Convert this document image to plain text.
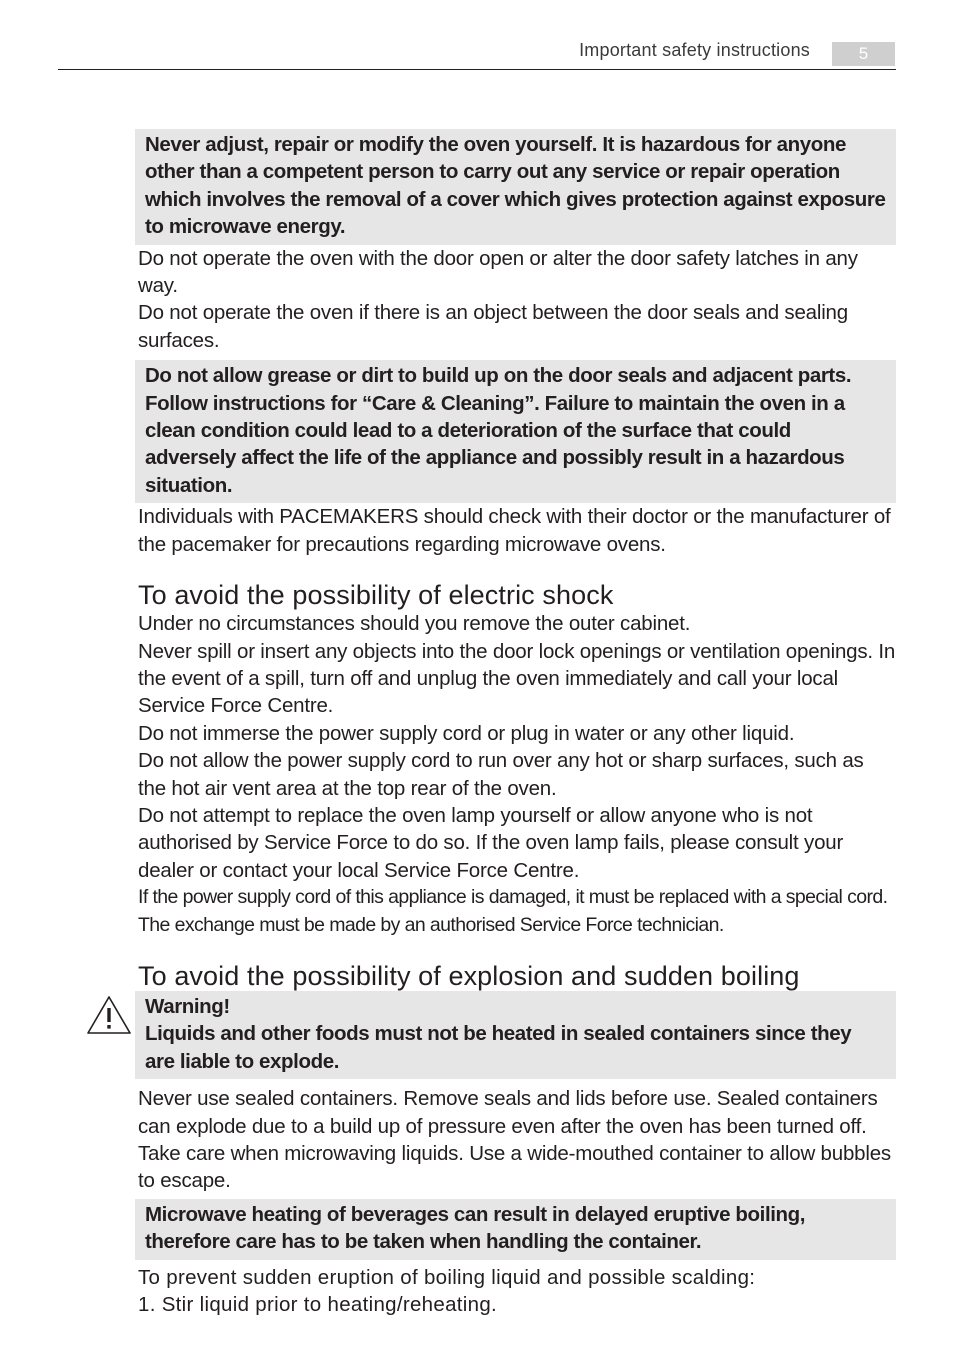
Important safety instructions	5
Never adjust, repair or modify the oven yourself. It is hazardous for anyone other than a competent person to carry out any service or repair operation which involves the removal of a cover which gives protection against exposure to microwave energy.

Do not operate the oven with the door open or alter the door safety latches in any way.

Do not operate the oven if there is an object between the door seals and sealing surfaces.

Do not allow grease or dirt to build up on the door seals and adjacent parts. Follow instructions for “Care & Cleaning”. Failure to maintain the oven in a clean condition could lead to a deterioration of the surface that could adversely affect the life of the appliance and possibly result in a hazardous situation.

Individuals with PACEMAKERS should check with their doctor or the manufacturer of the pacemaker for precautions regarding microwave ovens.

To avoid the possibility of electric shock

Under no circumstances should you remove the outer cabinet.

Never spill or insert any objects into the door lock openings or ventilation openings. In the event of a spill, turn off and unplug the oven immediately and call your local Service Force Centre.

Do not immerse the power supply cord or plug in water or any other liquid.

Do not allow the power supply cord to run over any hot or sharp surfaces, such as the hot air vent area at the top rear of the oven.

Do not attempt to replace the oven lamp yourself or allow anyone who is not authorised by Service Force to do so. If the oven lamp fails, please consult your dealer or contact your local Service Force Centre.

If the power supply cord of this appliance is damaged, it must be replaced with a special cord. The exchange must be made by an authorised Service Force technician.

To avoid the possibility of explosion and sudden boiling
Warning!
Liquids and other foods must not be heated in sealed containers since they are liable to explode.

Never use sealed containers. Remove seals and lids before use. Sealed containers can explode due to a build up of pressure even after the oven has been turned off. Take care when microwaving liquids. Use a wide-mouthed container to allow bubbles to escape.

Microwave heating of beverages can result in delayed eruptive boiling, therefore care has to be taken when handling the container.

To prevent sudden eruption of boiling liquid and possible scalding:

1. Stir liquid prior to heating/reheating.
